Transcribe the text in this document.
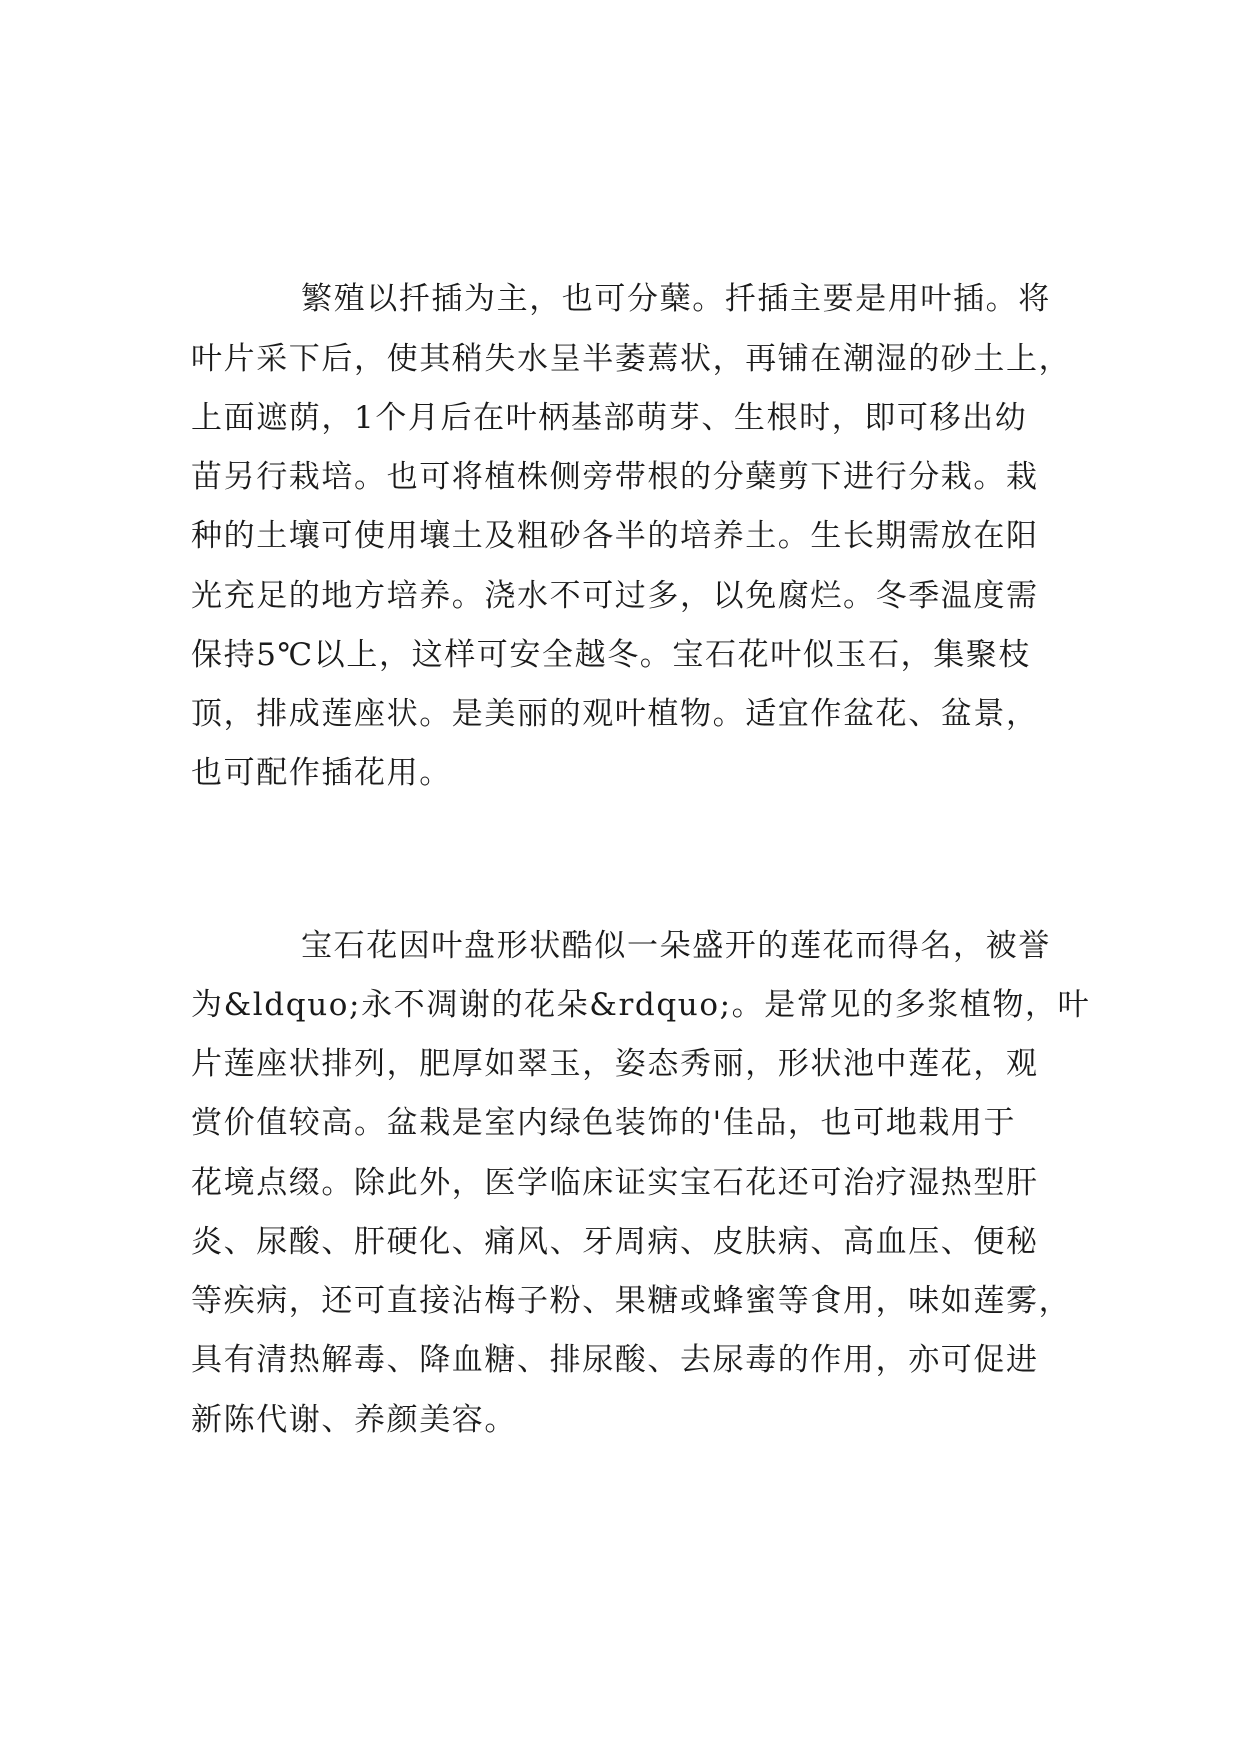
繁殖以扦插为主，也可分蘖。扦插主要是用叶插。将
叶片采下后，使其稍失水呈半萎蔫状，再铺在潮湿的砂土上，
上面遮荫，1个月后在叶柄基部萌芽、生根时，即可移出幼
苗另行栽培。也可将植株侧旁带根的分蘖剪下进行分栽。栽
种的土壤可使用壤土及粗砂各半的培养土。生长期需放在阳
光充足的地方培养。浇水不可过多，以免腐烂。冬季温度需
保持5℃以上，这样可安全越冬。宝石花叶似玉石，集聚枝
顶，排成莲座状。是美丽的观叶植物。适宜作盆花、盆景，
也可配作插花用。
宝石花因叶盘形状酷似一朵盛开的莲花而得名，被誉
为&ldquo;永不凋谢的花朵&rdquo;。是常见的多浆植物，叶
片莲座状排列，肥厚如翠玉，姿态秀丽，形状池中莲花，观
赏价值较高。盆栽是室内绿色装饰的'佳品，也可地栽用于
花境点缀。除此外，医学临床证实宝石花还可治疗湿热型肝
炎、尿酸、肝硬化、痛风、牙周病、皮肤病、高血压、便秘
等疾病，还可直接沾梅子粉、果糖或蜂蜜等食用，味如莲雾，
具有清热解毒、降血糖、排尿酸、去尿毒的作用，亦可促进
新陈代谢、养颜美容。
